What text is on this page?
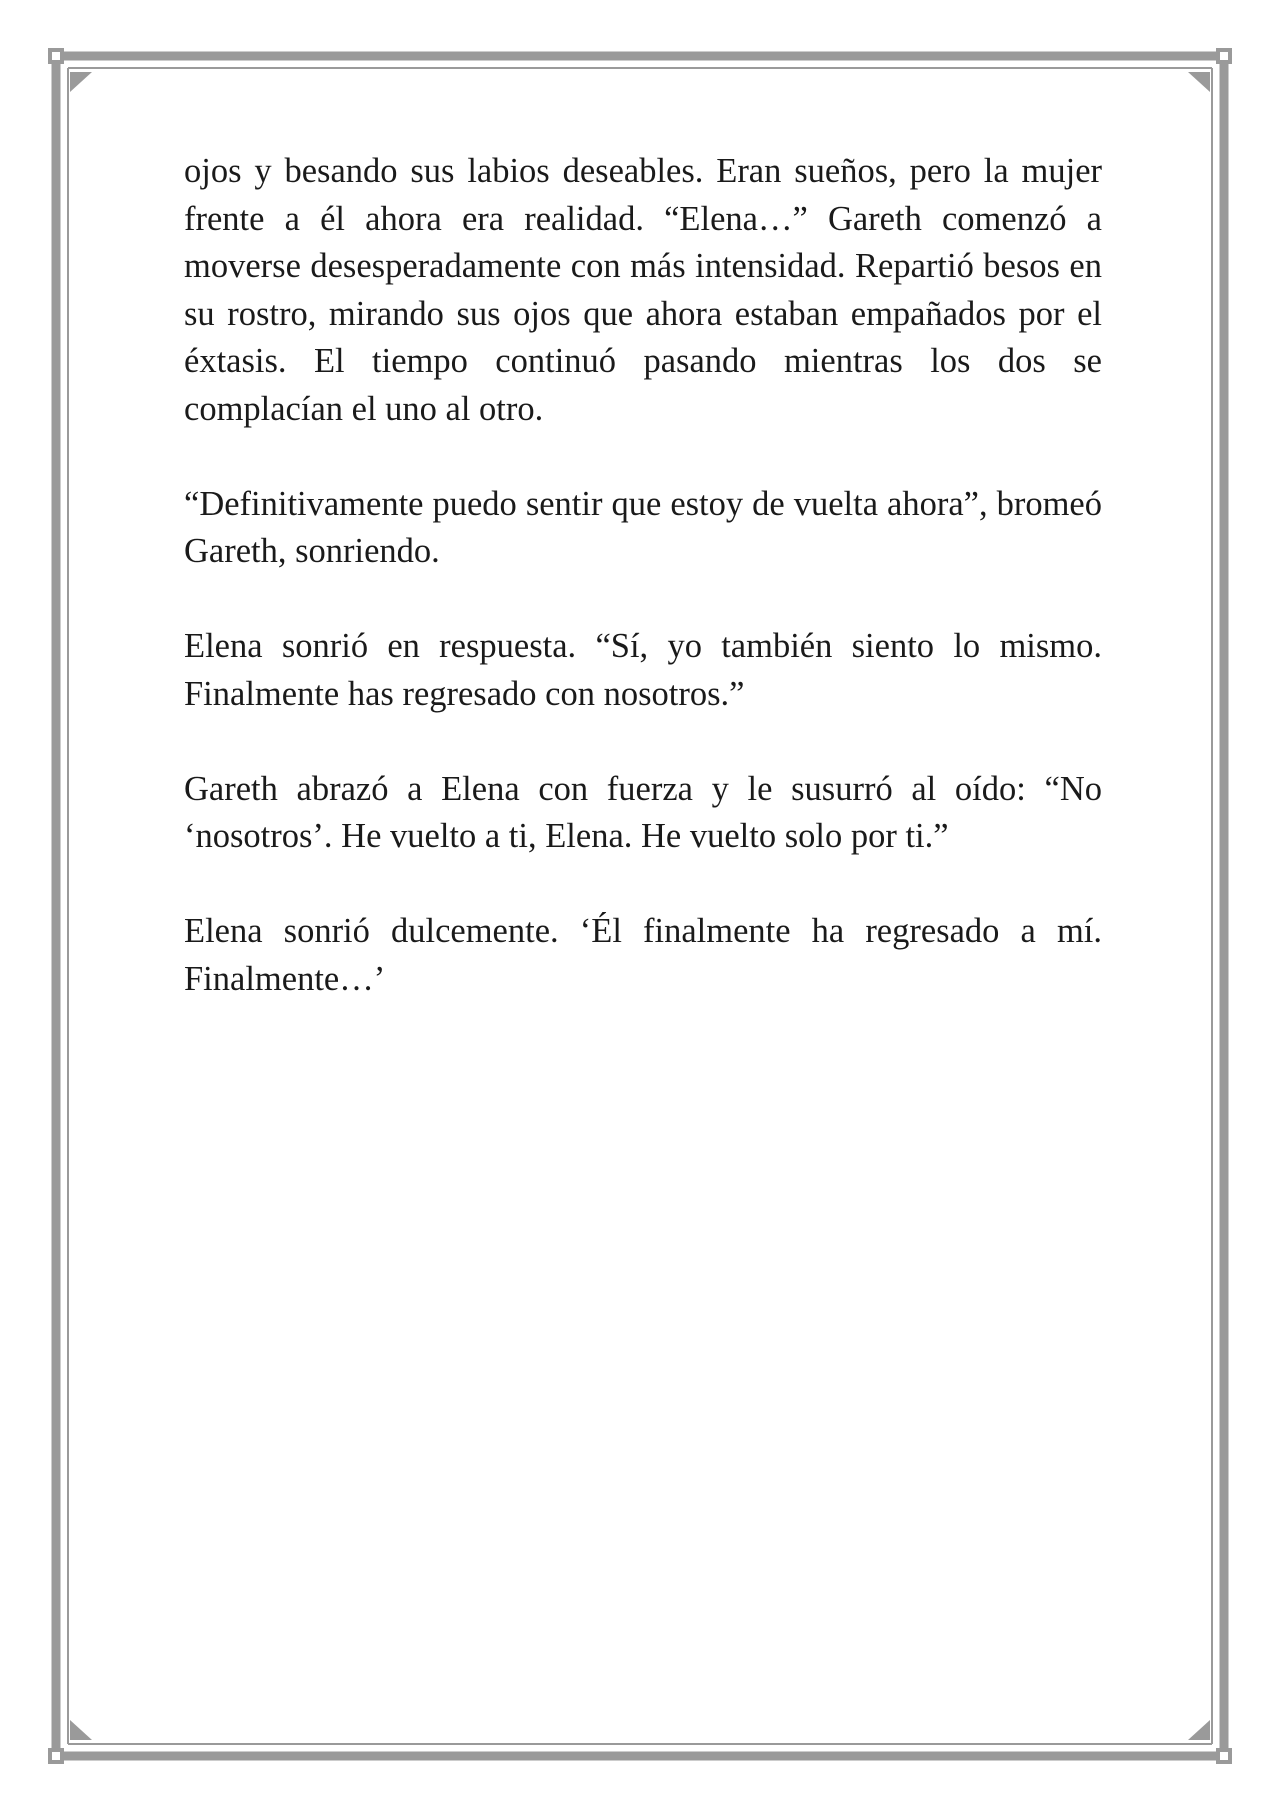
ojos y besando sus labios deseables. Eran sueños, pero la mujer frente a él ahora era realidad. “Elena…” Gareth comenzó a moverse desesperadamente con más intensidad. Repartió besos en su rostro, mirando sus ojos que ahora estaban empañados por el éxtasis. El tiempo continuó pasando mientras los dos se complacían el uno al otro.

“Definitivamente puedo sentir que estoy de vuelta ahora”, bromeó Gareth, sonriendo.

Elena sonrió en respuesta. “Sí, yo también siento lo mismo. Finalmente has regresado con nosotros.”

Gareth abrazó a Elena con fuerza y le susurró al oído: “No ‘nosotros’. He vuelto a ti, Elena. He vuelto solo por ti.”

Elena sonrió dulcemente. ‘Él finalmente ha regresado a mí. Finalmente…’
